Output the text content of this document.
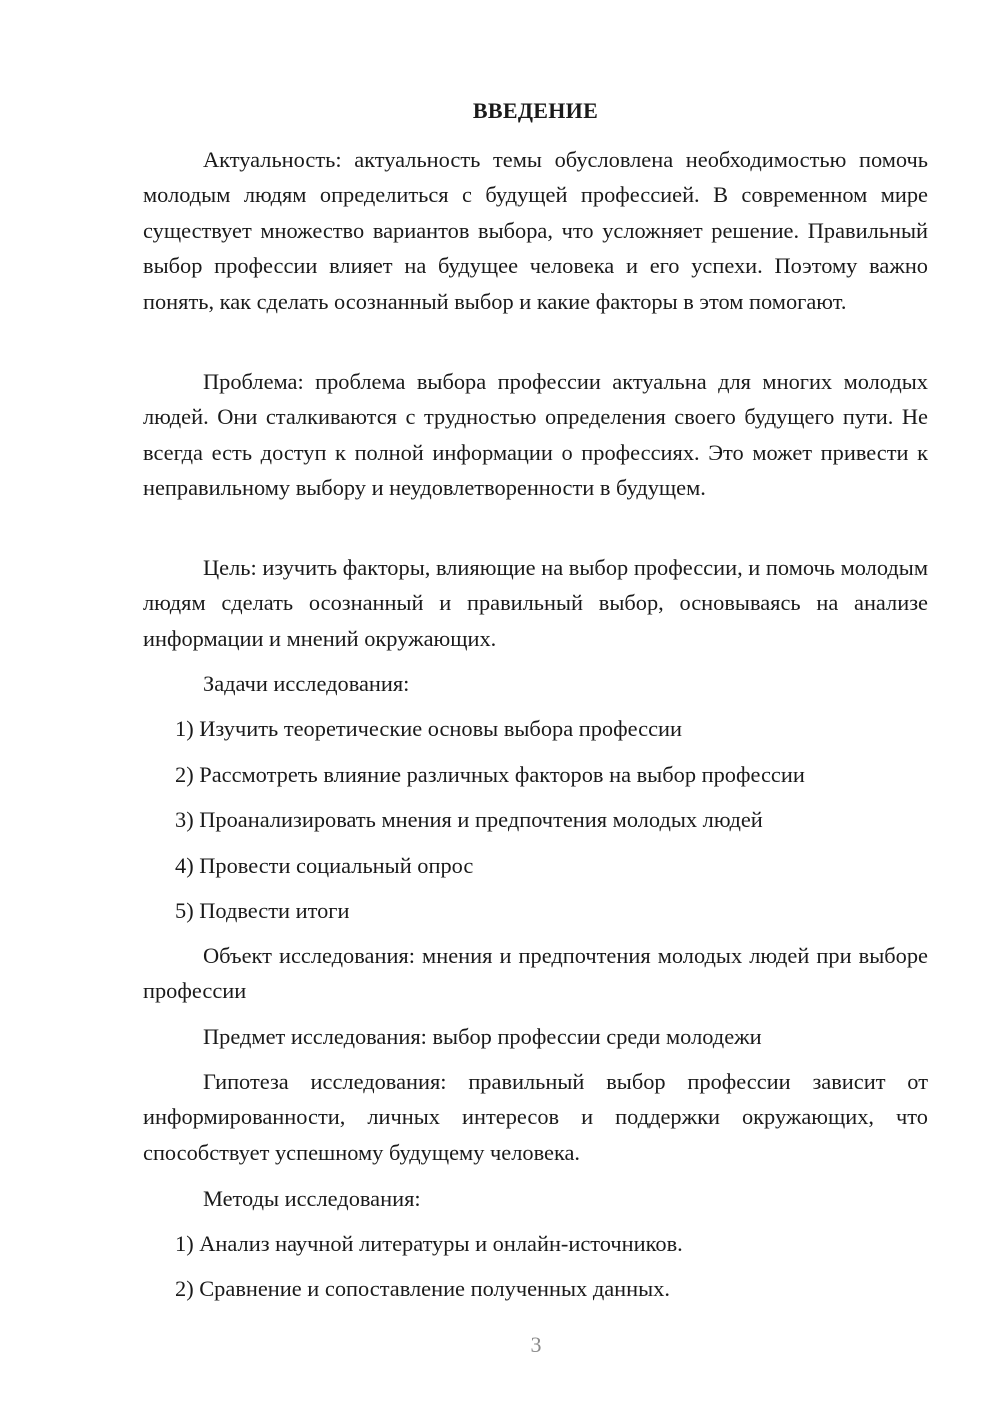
ВВЕДЕНИЕ

Актуальность: актуальность темы обусловлена необходимостью помочь молодым людям определиться с будущей профессией. В современном мире существует множество вариантов выбора, что усложняет решение. Правильный выбор профессии влияет на будущее человека и его успехи. Поэтому важно понять, как сделать осознанный выбор и какие факторы в этом помогают.

Проблема: проблема выбора профессии актуальна для многих молодых людей. Они сталкиваются с трудностью определения своего будущего пути. Не всегда есть доступ к полной информации о профессиях. Это может привести к неправильному выбору и неудовлетворенности в будущем.

Цель: изучить факторы, влияющие на выбор профессии, и помочь молодым людям сделать осознанный и правильный выбор, основываясь на анализе информации и мнений окружающих.

Задачи исследования:

1) Изучить теоретические основы выбора профессии

2) Рассмотреть влияние различных факторов на выбор профессии

3) Проанализировать мнения и предпочтения молодых людей

4) Провести социальный опрос

5) Подвести итоги

Объект исследования: мнения и предпочтения молодых людей при выборе профессии

Предмет исследования: выбор профессии среди молодежи

Гипотеза исследования: правильный выбор профессии зависит от информированности, личных интересов и поддержки окружающих, что способствует успешному будущему человека.

Методы исследования:

1) Анализ научной литературы и онлайн-источников.

2) Сравнение и сопоставление полученных данных.

3
